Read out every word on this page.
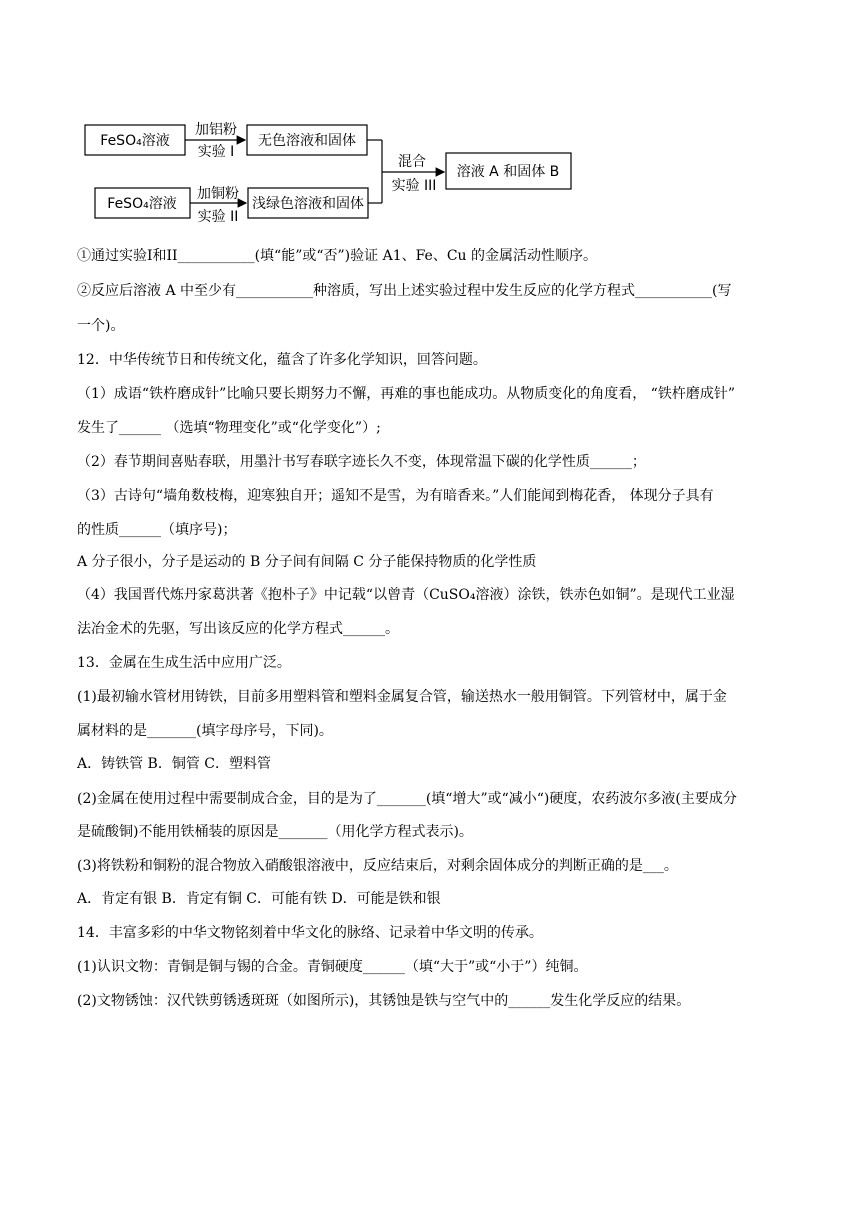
FeSO₄溶液
加铝粉
实验 I
无色溶液和固体
FeSO₄溶液
加铜粉
实验 II
浅绿色溶液和固体
混合
实验 III
溶液 A 和固体 B
①通过实验I和II___________(填“能”或“否”)验证 A1、Fe、Cu 的金属活动性顺序。
②反应后溶液 A 中至少有___________种溶质，写出上述实验过程中发生反应的化学方程式___________(写
一个)。
12．中华传统节日和传统文化，蕴含了许多化学知识，回答问题。
（1）成语“铁杵磨成针”比喻只要长期努力不懈，再难的事也能成功。从物质变化的角度看， “铁杵磨成针”
发生了______ （选填“物理变化”或“化学变化”）;
（2）春节期间喜贴春联，用墨汁书写春联字迹长久不变，体现常温下碳的化学性质______；
（3）古诗句“墙角数枝梅，迎寒独自开；遥知不是雪，为有暗香来。”人们能闻到梅花香， 体现分子具有
的性质______（填序号)；
A 分子很小，分子是运动的 B 分子间有间隔 C 分子能保持物质的化学性质
（4）我国晋代炼丹家葛洪著《抱朴子》中记载“以曾青（CuSO₄溶液）涂铁，铁赤色如铜”。是现代工业湿
法冶金术的先驱，写出该反应的化学方程式______。
13．金属在生成生活中应用广泛。
(1)最初输水管材用铸铁，目前多用塑料管和塑料金属复合管，输送热水一般用铜管。下列管材中，属于金
属材料的是_______(填字母序号，下同)。
A．铸铁管 B．铜管 C．塑料管
(2)金属在使用过程中需要制成合金，目的是为了_______(填“增大”或“减小“)硬度，农药波尔多液(主要成分
是硫酸铜)不能用铁桶装的原因是_______（用化学方程式表示)。
(3)将铁粉和铜粉的混合物放入硝酸银溶液中，反应结束后，对剩余固体成分的判断正确的是___。
A．肯定有银 B．肯定有铜 C．可能有铁 D．可能是铁和银
14．丰富多彩的中华文物铭刻着中华文化的脉络、记录着中华文明的传承。
(1)认识文物：青铜是铜与锡的合金。青铜硬度______（填“大于”或“小于”）纯铜。
(2)文物锈蚀：汉代铁剪锈透斑斑（如图所示)，其锈蚀是铁与空气中的______发生化学反应的结果。
